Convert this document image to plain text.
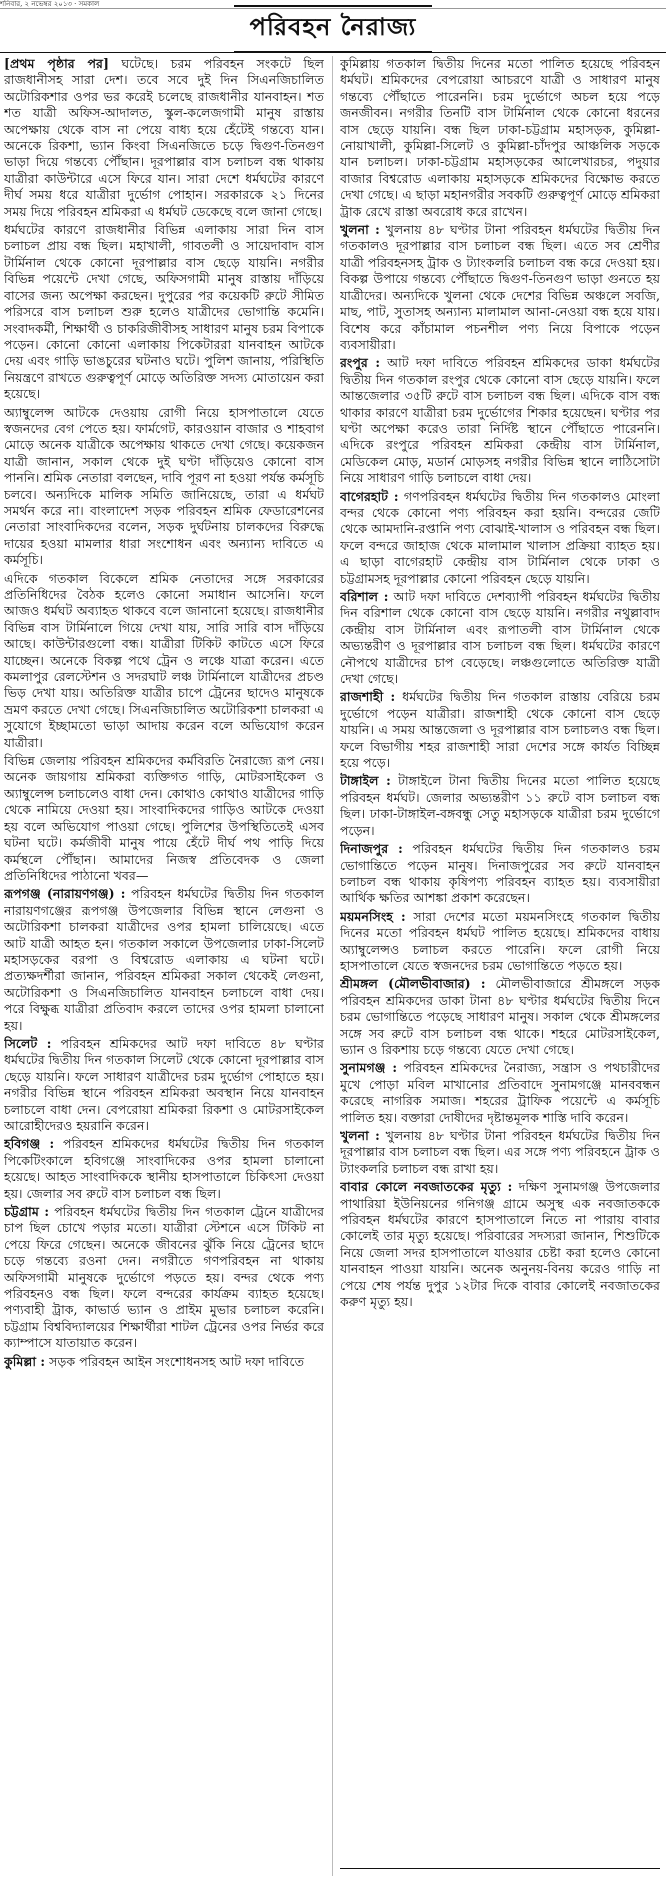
শনিবার, ২ নভেম্বর ২০১৩ · সমকাল
পরিবহন নৈরাজ্য

[প্রথম পৃষ্ঠার পর] ঘটেছে। চরম পরিবহন সংকটে ছিল রাজধানীসহ সারা দেশ। তবে সবে দুই দিন সিএনজিচালিত অটোরিকশার ওপর ভর করেই চলেছে রাজধানীর যানবাহন। শত শত যাত্রী অফিস-আদালত, স্কুল-কলেজগামী মানুষ রাস্তায় অপেক্ষায় থেকে বাস না পেয়ে বাধ্য হয়ে হেঁটেই গন্তব্যে যান। অনেকে রিকশা, ভ্যান কিংবা সিএনজিতে চড়ে দ্বিগুণ-তিনগুণ ভাড়া দিয়ে গন্তব্যে পৌঁছান। দূরপাল্লার বাস চলাচল বন্ধ থাকায় যাত্রীরা কাউন্টারে এসে ফিরে যান। সারা দেশে ধর্মঘটের কারণে দীর্ঘ সময় ধরে যাত্রীরা দুর্ভোগ পোহান। সরকারকে ২১ দিনের সময় দিয়ে পরিবহন শ্রমিকরা এ ধর্মঘট ডেকেছে বলে জানা গেছে।

ধর্মঘটের কারণে রাজধানীর বিভিন্ন এলাকায় সারা দিন বাস চলাচল প্রায় বন্ধ ছিল। মহাখালী, গাবতলী ও সায়েদাবাদ বাস টার্মিনাল থেকে কোনো দূরপাল্লার বাস ছেড়ে যায়নি। নগরীর বিভিন্ন পয়েন্টে দেখা গেছে, অফিসগামী মানুষ রাস্তায় দাঁড়িয়ে বাসের জন্য অপেক্ষা করছেন। দুপুরের পর কয়েকটি রুটে সীমিত পরিসরে বাস চলাচল শুরু হলেও যাত্রীদের ভোগান্তি কমেনি। সংবাদকর্মী, শিক্ষার্থী ও চাকরিজীবীসহ সাধারণ মানুষ চরম বিপাকে পড়েন। কোনো কোনো এলাকায় পিকেটাররা যানবাহন আটকে দেয় এবং গাড়ি ভাঙচুরের ঘটনাও ঘটে। পুলিশ জানায়, পরিস্থিতি নিয়ন্ত্রণে রাখতে গুরুত্বপূর্ণ মোড়ে অতিরিক্ত সদস্য মোতায়েন করা হয়েছে।

অ্যাম্বুলেন্স আটকে দেওয়ায় রোগী নিয়ে হাসপাতালে যেতে স্বজনদের বেগ পেতে হয়। ফার্মগেট, কারওয়ান বাজার ও শাহবাগ মোড়ে অনেক যাত্রীকে অপেক্ষায় থাকতে দেখা গেছে। কয়েকজন যাত্রী জানান, সকাল থেকে দুই ঘণ্টা দাঁড়িয়েও কোনো বাস পাননি। শ্রমিক নেতারা বলছেন, দাবি পূরণ না হওয়া পর্যন্ত কর্মসূচি চলবে। অন্যদিকে মালিক সমিতি জানিয়েছে, তারা এ ধর্মঘট সমর্থন করে না। বাংলাদেশ সড়ক পরিবহন শ্রমিক ফেডারেশনের নেতারা সাংবাদিকদের বলেন, সড়ক দুর্ঘটনায় চালকদের বিরুদ্ধে দায়ের হওয়া মামলার ধারা সংশোধন এবং অন্যান্য দাবিতে এ কর্মসূচি।

এদিকে গতকাল বিকেলে শ্রমিক নেতাদের সঙ্গে সরকারের প্রতিনিধিদের বৈঠক হলেও কোনো সমাধান আসেনি। ফলে আজও ধর্মঘট অব্যাহত থাকবে বলে জানানো হয়েছে। রাজধানীর বিভিন্ন বাস টার্মিনালে গিয়ে দেখা যায়, সারি সারি বাস দাঁড়িয়ে আছে। কাউন্টারগুলো বন্ধ। যাত্রীরা টিকিট কাটতে এসে ফিরে যাচ্ছেন। অনেকে বিকল্প পথে ট্রেন ও লঞ্চে যাত্রা করেন। এতে কমলাপুর রেলস্টেশন ও সদরঘাট লঞ্চ টার্মিনালে যাত্রীদের প্রচণ্ড ভিড় দেখা যায়। অতিরিক্ত যাত্রীর চাপে ট্রেনের ছাদেও মানুষকে ভ্রমণ করতে দেখা গেছে। সিএনজিচালিত অটোরিকশা চালকরা এ সুযোগে ইচ্ছামতো ভাড়া আদায় করেন বলে অভিযোগ করেন যাত্রীরা।

বিভিন্ন জেলায় পরিবহন শ্রমিকদের কর্মবিরতি নৈরাজ্যে রূপ নেয়। অনেক জায়গায় শ্রমিকরা ব্যক্তিগত গাড়ি, মোটরসাইকেল ও অ্যাম্বুলেন্স চলাচলেও বাধা দেন। কোথাও কোথাও যাত্রীদের গাড়ি থেকে নামিয়ে দেওয়া হয়। সাংবাদিকদের গাড়িও আটকে দেওয়া হয় বলে অভিযোগ পাওয়া গেছে। পুলিশের উপস্থিতিতেই এসব ঘটনা ঘটে। কর্মজীবী মানুষ পায়ে হেঁটে দীর্ঘ পথ পাড়ি দিয়ে কর্মস্থলে পৌঁছান। আমাদের নিজস্ব প্রতিবেদক ও জেলা প্রতিনিধিদের পাঠানো খবর—

রূপগঞ্জ (নারায়ণগঞ্জ) : পরিবহন ধর্মঘটের দ্বিতীয় দিন গতকাল নারায়ণগঞ্জের রূপগঞ্জ উপজেলার বিভিন্ন স্থানে লেগুনা ও অটোরিকশা চালকরা যাত্রীদের ওপর হামলা চালিয়েছে। এতে আট যাত্রী আহত হন। গতকাল সকালে উপজেলার ঢাকা-সিলেট মহাসড়কের বরপা ও বিশ্বরোড এলাকায় এ ঘটনা ঘটে। প্রত্যক্ষদর্শীরা জানান, পরিবহন শ্রমিকরা সকাল থেকেই লেগুনা, অটোরিকশা ও সিএনজিচালিত যানবাহন চলাচলে বাধা দেয়। পরে বিক্ষুব্ধ যাত্রীরা প্রতিবাদ করলে তাদের ওপর হামলা চালানো হয়।

সিলেট : পরিবহন শ্রমিকদের আট দফা দাবিতে ৪৮ ঘণ্টার ধর্মঘটের দ্বিতীয় দিন গতকাল সিলেট থেকে কোনো দূরপাল্লার বাস ছেড়ে যায়নি। ফলে সাধারণ যাত্রীদের চরম দুর্ভোগ পোহাতে হয়। নগরীর বিভিন্ন স্থানে পরিবহন শ্রমিকরা অবস্থান নিয়ে যানবাহন চলাচলে বাধা দেন। বেপরোয়া শ্রমিকরা রিকশা ও মোটরসাইকেল আরোহীদেরও হয়রানি করেন।

হবিগঞ্জ : পরিবহন শ্রমিকদের ধর্মঘটের দ্বিতীয় দিন গতকাল পিকেটিংকালে হবিগঞ্জে সাংবাদিকের ওপর হামলা চালানো হয়েছে। আহত সাংবাদিককে স্থানীয় হাসপাতালে চিকিৎসা দেওয়া হয়। জেলার সব রুটে বাস চলাচল বন্ধ ছিল।

চট্টগ্রাম : পরিবহন ধর্মঘটের দ্বিতীয় দিন গতকাল ট্রেনে যাত্রীদের চাপ ছিল চোখে পড়ার মতো। যাত্রীরা স্টেশনে এসে টিকিট না পেয়ে ফিরে গেছেন। অনেকে জীবনের ঝুঁকি নিয়ে ট্রেনের ছাদে চড়ে গন্তব্যে রওনা দেন। নগরীতে গণপরিবহন না থাকায় অফিসগামী মানুষকে দুর্ভোগে পড়তে হয়। বন্দর থেকে পণ্য পরিবহনও বন্ধ ছিল। ফলে বন্দরের কার্যক্রম ব্যাহত হয়েছে। পণ্যবাহী ট্রাক, কাভার্ড ভ্যান ও প্রাইম মুভার চলাচল করেনি। চট্টগ্রাম বিশ্ববিদ্যালয়ের শিক্ষার্থীরা শাটল ট্রেনের ওপর নির্ভর করে ক্যাম্পাসে যাতায়াত করেন।

কুমিল্লা : সড়ক পরিবহন আইন সংশোধনসহ আট দফা দাবিতে

কুমিল্লায় গতকাল দ্বিতীয় দিনের মতো পালিত হয়েছে পরিবহন ধর্মঘট। শ্রমিকদের বেপরোয়া আচরণে যাত্রী ও সাধারণ মানুষ গন্তব্যে পৌঁছাতে পারেননি। চরম দুর্ভোগে অচল হয়ে পড়ে জনজীবন। নগরীর তিনটি বাস টার্মিনাল থেকে কোনো ধরনের বাস ছেড়ে যায়নি। বন্ধ ছিল ঢাকা-চট্টগ্রাম মহাসড়ক, কুমিল্লা-নোয়াখালী, কুমিল্লা-সিলেট ও কুমিল্লা-চাঁদপুর আঞ্চলিক সড়কে যান চলাচল। ঢাকা-চট্টগ্রাম মহাসড়কের আলেখারচর, পদুয়ার বাজার বিশ্বরোড এলাকায় মহাসড়কে শ্রমিকদের বিক্ষোভ করতে দেখা গেছে। এ ছাড়া মহানগরীর সবকটি গুরুত্বপূর্ণ মোড়ে শ্রমিকরা ট্রাক রেখে রাস্তা অবরোধ করে রাখেন।

খুলনা : খুলনায় ৪৮ ঘণ্টার টানা পরিবহন ধর্মঘটের দ্বিতীয় দিন গতকালও দূরপাল্লার বাস চলাচল বন্ধ ছিল। এতে সব শ্রেণীর যাত্রী পরিবহনসহ ট্রাক ও ট্যাংকলরি চলাচল বন্ধ করে দেওয়া হয়। বিকল্প উপায়ে গন্তব্যে পৌঁছাতে দ্বিগুণ-তিনগুণ ভাড়া গুনতে হয় যাত্রীদের। অন্যদিকে খুলনা থেকে দেশের বিভিন্ন অঞ্চলে সবজি, মাছ, পাট, সুতাসহ অন্যান্য মালামাল আনা-নেওয়া বন্ধ হয়ে যায়। বিশেষ করে কাঁচামাল পচনশীল পণ্য নিয়ে বিপাকে পড়েন ব্যবসায়ীরা।

রংপুর : আট দফা দাবিতে পরিবহন শ্রমিকদের ডাকা ধর্মঘটের দ্বিতীয় দিন গতকাল রংপুর থেকে কোনো বাস ছেড়ে যায়নি। ফলে আন্তজেলার ৩৫টি রুটে বাস চলাচল বন্ধ ছিল। এদিকে বাস বন্ধ থাকার কারণে যাত্রীরা চরম দুর্ভোগের শিকার হয়েছেন। ঘণ্টার পর ঘণ্টা অপেক্ষা করেও তারা নির্দিষ্ট স্থানে পৌঁছাতে পারেননি। এদিকে রংপুরে পরিবহন শ্রমিকরা কেন্দ্রীয় বাস টার্মিনাল, মেডিকেল মোড়, মডার্ন মোড়সহ নগরীর বিভিন্ন স্থানে লাঠিসোটা নিয়ে সাধারণ গাড়ি চলাচলে বাধা দেয়।

বাগেরহাট : গণপরিবহন ধর্মঘটের দ্বিতীয় দিন গতকালও মোংলা বন্দর থেকে কোনো পণ্য পরিবহন করা হয়নি। বন্দরের জেটি থেকে আমদানি-রপ্তানি পণ্য বোঝাই-খালাস ও পরিবহন বন্ধ ছিল। ফলে বন্দরে জাহাজ থেকে মালামাল খালাস প্রক্রিয়া ব্যাহত হয়। এ ছাড়া বাগেরহাট কেন্দ্রীয় বাস টার্মিনাল থেকে ঢাকা ও চট্টগ্রামসহ দূরপাল্লার কোনো পরিবহন ছেড়ে যায়নি।

বরিশাল : আট দফা দাবিতে দেশব্যাপী পরিবহন ধর্মঘটের দ্বিতীয় দিন বরিশাল থেকে কোনো বাস ছেড়ে যায়নি। নগরীর নথুল্লাবাদ কেন্দ্রীয় বাস টার্মিনাল এবং রূপাতলী বাস টার্মিনাল থেকে অভ্যন্তরীণ ও দূরপাল্লার বাস চলাচল বন্ধ ছিল। ধর্মঘটের কারণে নৌপথে যাত্রীদের চাপ বেড়েছে। লঞ্চগুলোতে অতিরিক্ত যাত্রী দেখা গেছে।

রাজশাহী : ধর্মঘটের দ্বিতীয় দিন গতকাল রাস্তায় বেরিয়ে চরম দুর্ভোগে পড়েন যাত্রীরা। রাজশাহী থেকে কোনো বাস ছেড়ে যায়নি। এ সময় আন্তজেলা ও দূরপাল্লার বাস চলাচলও বন্ধ ছিল। ফলে বিভাগীয় শহর রাজশাহী সারা দেশের সঙ্গে কার্যত বিচ্ছিন্ন হয়ে পড়ে।

টাঙ্গাইল : টাঙ্গাইলে টানা দ্বিতীয় দিনের মতো পালিত হয়েছে পরিবহন ধর্মঘট। জেলার অভ্যন্তরীণ ১১ রুটে বাস চলাচল বন্ধ ছিল। ঢাকা-টাঙ্গাইল-বঙ্গবন্ধু সেতু মহাসড়কে যাত্রীরা চরম দুর্ভোগে পড়েন।

দিনাজপুর : পরিবহন ধর্মঘটের দ্বিতীয় দিন গতকালও চরম ভোগান্তিতে পড়েন মানুষ। দিনাজপুরের সব রুটে যানবাহন চলাচল বন্ধ থাকায় কৃষিপণ্য পরিবহন ব্যাহত হয়। ব্যবসায়ীরা আর্থিক ক্ষতির আশঙ্কা প্রকাশ করেছেন।

ময়মনসিংহ : সারা দেশের মতো ময়মনসিংহে গতকাল দ্বিতীয় দিনের মতো পরিবহন ধর্মঘট পালিত হয়েছে। শ্রমিকদের বাধায় অ্যাম্বুলেন্সও চলাচল করতে পারেনি। ফলে রোগী নিয়ে হাসপাতালে যেতে স্বজনদের চরম ভোগান্তিতে পড়তে হয়।

শ্রীমঙ্গল (মৌলভীবাজার) : মৌলভীবাজারে শ্রীমঙ্গলে সড়ক পরিবহন শ্রমিকদের ডাকা টানা ৪৮ ঘণ্টার ধর্মঘটের দ্বিতীয় দিনে চরম ভোগান্তিতে পড়েছে সাধারণ মানুষ। সকাল থেকে শ্রীমঙ্গলের সঙ্গে সব রুটে বাস চলাচল বন্ধ থাকে। শহরে মোটরসাইকেল, ভ্যান ও রিকশায় চড়ে গন্তব্যে যেতে দেখা গেছে।

সুনামগঞ্জ : পরিবহন শ্রমিকদের নৈরাজ্য, সন্ত্রাস ও পথচারীদের মুখে পোড়া মবিল মাখানোর প্রতিবাদে সুনামগঞ্জে মানববন্ধন করেছে নাগরিক সমাজ। শহরের ট্রাফিক পয়েন্টে এ কর্মসূচি পালিত হয়। বক্তারা দোষীদের দৃষ্টান্তমূলক শাস্তি দাবি করেন।

খুলনা : খুলনায় ৪৮ ঘণ্টার টানা পরিবহন ধর্মঘটের দ্বিতীয় দিন দূরপাল্লার বাস চলাচল বন্ধ ছিল। এর সঙ্গে পণ্য পরিবহনে ট্রাক ও ট্যাংকলরি চলাচল বন্ধ রাখা হয়।

বাবার কোলে নবজাতকের মৃত্যু : দক্ষিণ সুনামগঞ্জ উপজেলার পাথারিয়া ইউনিয়নের গনিগঞ্জ গ্রামে অসুস্থ এক নবজাতককে পরিবহন ধর্মঘটের কারণে হাসপাতালে নিতে না পারায় বাবার কোলেই তার মৃত্যু হয়েছে। পরিবারের সদস্যরা জানান, শিশুটিকে নিয়ে জেলা সদর হাসপাতালে যাওয়ার চেষ্টা করা হলেও কোনো যানবাহন পাওয়া যায়নি। অনেক অনুনয়-বিনয় করেও গাড়ি না পেয়ে শেষ পর্যন্ত দুপুর ১২টার দিকে বাবার কোলেই নবজাতকের করুণ মৃত্যু হয়।
